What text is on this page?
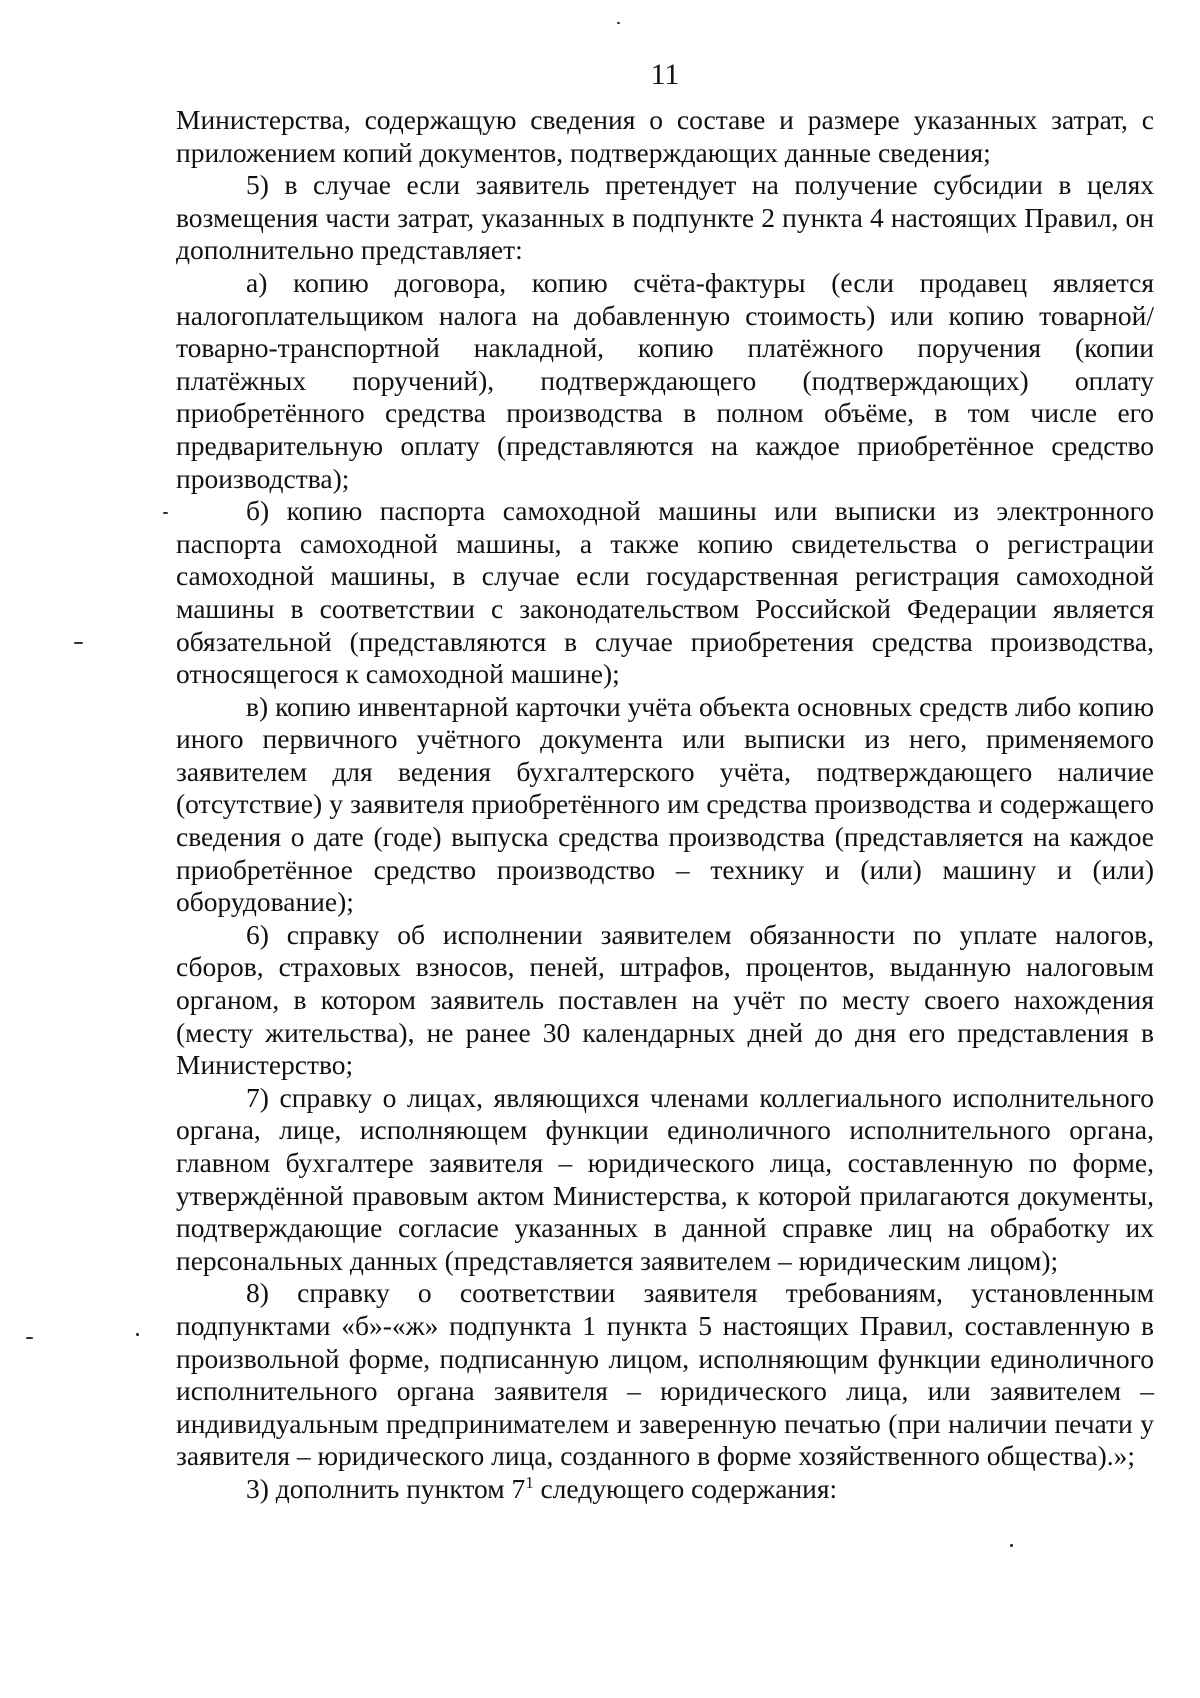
11

Министерства, содержащую сведения о составе и размере указанных затрат, с приложением копий документов, подтверждающих данные сведения;

5) в случае если заявитель претендует на получение субсидии в целях возмещения части затрат, указанных в подпункте 2 пункта 4 настоящих Правил, он дополнительно представляет:

а) копию договора, копию счёта-фактуры (если продавец является налогоплательщиком налога на добавленную стоимость) или копию товарной/товарно-транспортной накладной, копию платёжного поручения (копии платёжных поручений), подтверждающего (подтверждающих) оплату приобретённого средства производства в полном объёме, в том числе его предварительную оплату (представляются на каждое приобретённое средство производства);

б) копию паспорта самоходной машины или выписки из электронного паспорта самоходной машины, а также копию свидетельства о регистрации самоходной машины, в случае если государственная регистрация самоходной машины в соответствии с законодательством Российской Федерации является обязательной (представляются в случае приобретения средства производства, относящегося к самоходной машине);

в) копию инвентарной карточки учёта объекта основных средств либо копию иного первичного учётного документа или выписки из него, применяемого заявителем для ведения бухгалтерского учёта, подтверждающего наличие (отсутствие) у заявителя приобретённого им средства производства и содержащего сведения о дате (годе) выпуска средства производства (представляется на каждое приобретённое средство производство – технику и (или) машину и (или) оборудование);

6) справку об исполнении заявителем обязанности по уплате налогов, сборов, страховых взносов, пеней, штрафов, процентов, выданную налоговым органом, в котором заявитель поставлен на учёт по месту своего нахождения (месту жительства), не ранее 30 календарных дней до дня его представления в Министерство;

7) справку о лицах, являющихся членами коллегиального исполнительного органа, лице, исполняющем функции единоличного исполнительного органа, главном бухгалтере заявителя – юридического лица, составленную по форме, утверждённой правовым актом Министерства, к которой прилагаются документы, подтверждающие согласие указанных в данной справке лиц на обработку их персональных данных (представляется заявителем – юридическим лицом);

8) справку о соответствии заявителя требованиям, установленным подпунктами «б»-«ж» подпункта 1 пункта 5 настоящих Правил, составленную в произвольной форме, подписанную лицом, исполняющим функции единоличного исполнительного органа заявителя – юридического лица, или заявителем – индивидуальным предпринимателем и заверенную печатью (при наличии печати у заявителя – юридического лица, созданного в форме хозяйственного общества).»;

3) дополнить пунктом $7^1$ следующего содержания:
